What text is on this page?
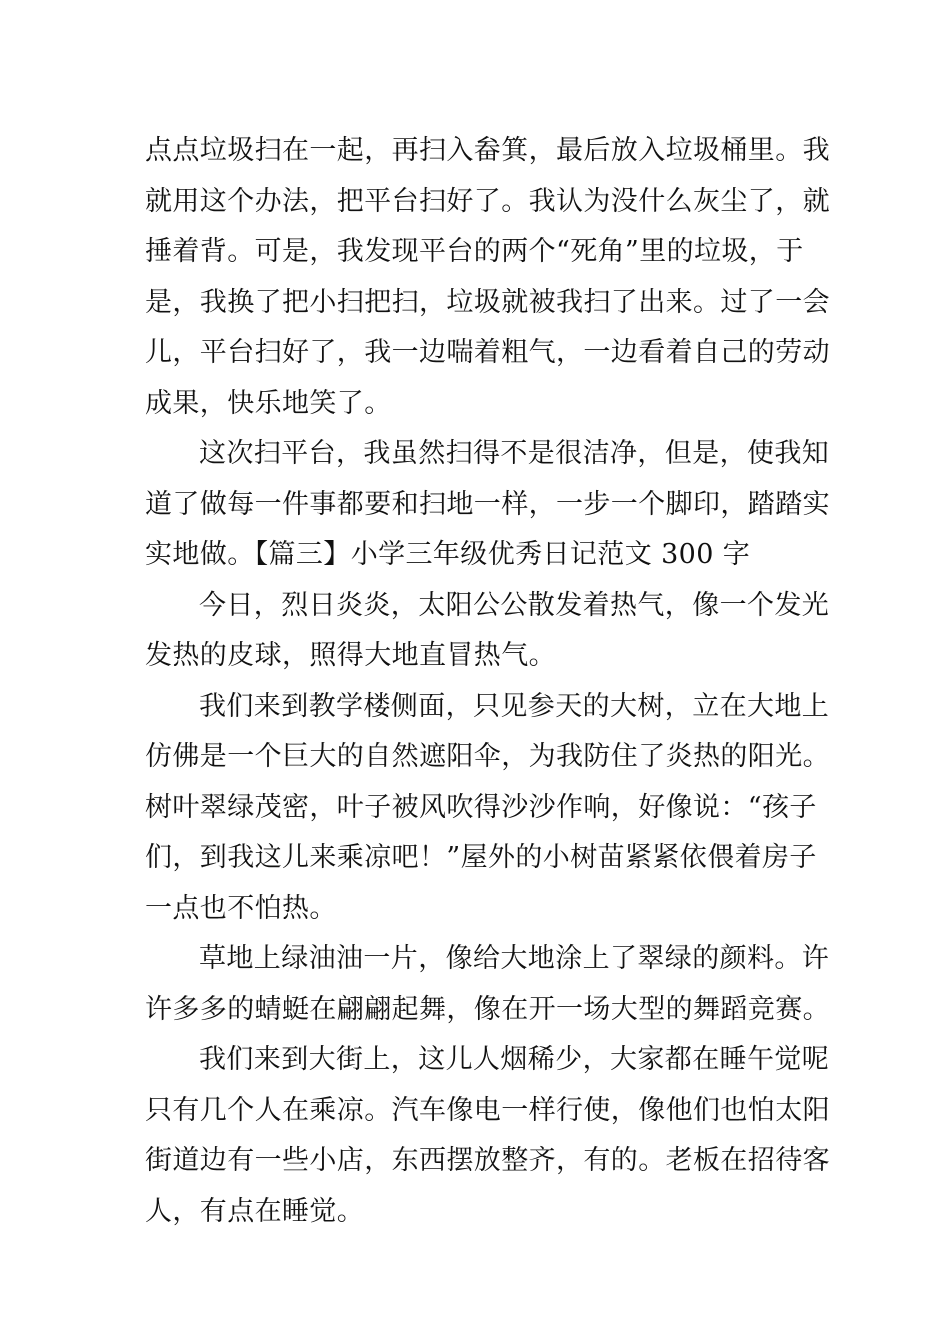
点点垃圾扫在一起，再扫入畚箕，最后放入垃圾桶里。我
就用这个办法，把平台扫好了。我认为没什么灰尘了，就
捶着背。可是，我发现平台的两个“死角”里的垃圾，于
是，我换了把小扫把扫，垃圾就被我扫了出来。过了一会
儿，平台扫好了，我一边喘着粗气，一边看着自己的劳动
成果，快乐地笑了。
这次扫平台，我虽然扫得不是很洁净，但是，使我知
道了做每一件事都要和扫地一样，一步一个脚印，踏踏实
实地做。【篇三】小学三年级优秀日记范文 300 字
今日，烈日炎炎，太阳公公散发着热气，像一个发光
发热的皮球，照得大地直冒热气。
我们来到教学楼侧面，只见参天的大树，立在大地上
仿佛是一个巨大的自然遮阳伞，为我防住了炎热的阳光。
树叶翠绿茂密，叶子被风吹得沙沙作响，好像说：“孩子
们，到我这儿来乘凉吧！”屋外的小树苗紧紧依偎着房子
一点也不怕热。
草地上绿油油一片，像给大地涂上了翠绿的颜料。许
许多多的蜻蜓在翩翩起舞，像在开一场大型的舞蹈竞赛。
我们来到大街上，这儿人烟稀少，大家都在睡午觉呢
只有几个人在乘凉。汽车像电一样行使，像他们也怕太阳
街道边有一些小店，东西摆放整齐，有的。老板在招待客
人，有点在睡觉。
